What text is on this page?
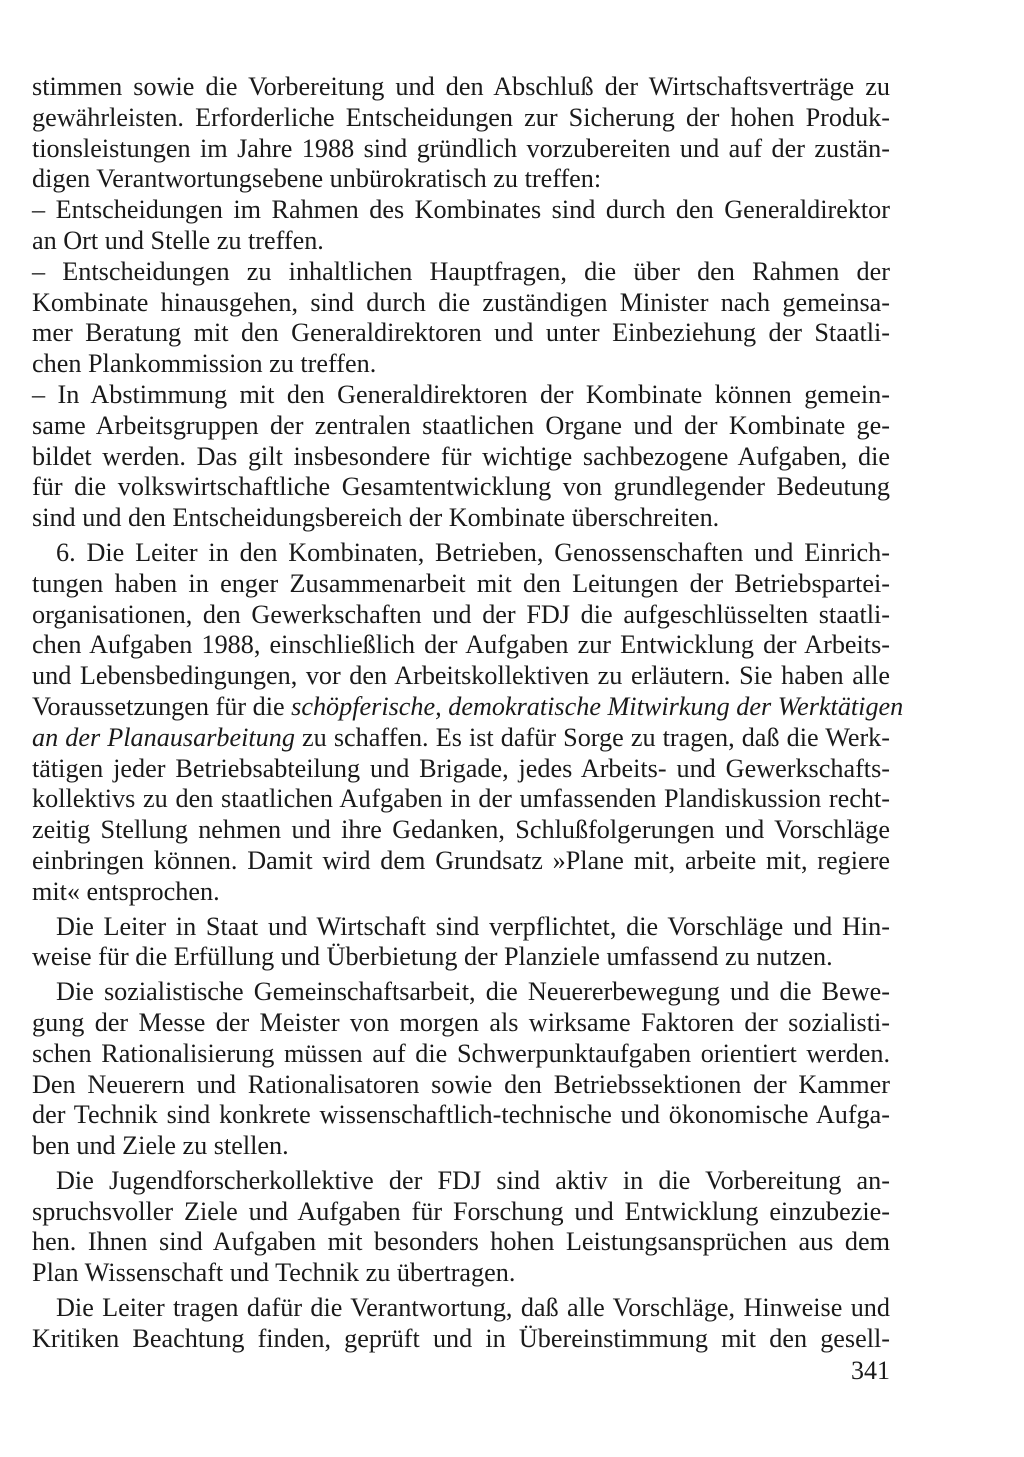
stimmen sowie die Vorbereitung und den Abschluß der Wirtschaftsverträge zu
gewährleisten. Erforderliche Entscheidungen zur Sicherung der hohen Produk-
tionsleistungen im Jahre 1988 sind gründlich vorzubereiten und auf der zustän-
digen Verantwortungsebene unbürokratisch zu treffen:
– Entscheidungen im Rahmen des Kombinates sind durch den Generaldirektor
an Ort und Stelle zu treffen.
– Entscheidungen zu inhaltlichen Hauptfragen, die über den Rahmen der
Kombinate hinausgehen, sind durch die zuständigen Minister nach gemeinsa-
mer Beratung mit den Generaldirektoren und unter Einbeziehung der Staatli-
chen Plankommission zu treffen.
– In Abstimmung mit den Generaldirektoren der Kombinate können gemein-
same Arbeitsgruppen der zentralen staatlichen Organe und der Kombinate ge-
bildet werden. Das gilt insbesondere für wichtige sachbezogene Aufgaben, die
für die volkswirtschaftliche Gesamtentwicklung von grundlegender Bedeutung
sind und den Entscheidungsbereich der Kombinate überschreiten.
6. Die Leiter in den Kombinaten, Betrieben, Genossenschaften und Einrich-
tungen haben in enger Zusammenarbeit mit den Leitungen der Betriebspartei-
organisationen, den Gewerkschaften und der FDJ die aufgeschlüsselten staatli-
chen Aufgaben 1988, einschließlich der Aufgaben zur Entwicklung der Arbeits-
und Lebensbedingungen, vor den Arbeitskollektiven zu erläutern. Sie haben alle
Voraussetzungen für die schöpferische, demokratische Mitwirkung der Werktätigen
an der Planausarbeitung zu schaffen. Es ist dafür Sorge zu tragen, daß die Werk-
tätigen jeder Betriebsabteilung und Brigade, jedes Arbeits- und Gewerkschafts-
kollektivs zu den staatlichen Aufgaben in der umfassenden Plandiskussion recht-
zeitig Stellung nehmen und ihre Gedanken, Schlußfolgerungen und Vorschläge
einbringen können. Damit wird dem Grundsatz »Plane mit, arbeite mit, regiere
mit« entsprochen.
Die Leiter in Staat und Wirtschaft sind verpflichtet, die Vorschläge und Hin-
weise für die Erfüllung und Überbietung der Planziele umfassend zu nutzen.
Die sozialistische Gemeinschaftsarbeit, die Neuererbewegung und die Bewe-
gung der Messe der Meister von morgen als wirksame Faktoren der sozialisti-
schen Rationalisierung müssen auf die Schwerpunktaufgaben orientiert werden.
Den Neuerern und Rationalisatoren sowie den Betriebssektionen der Kammer
der Technik sind konkrete wissenschaftlich-technische und ökonomische Aufga-
ben und Ziele zu stellen.
Die Jugendforscherkollektive der FDJ sind aktiv in die Vorbereitung an-
spruchsvoller Ziele und Aufgaben für Forschung und Entwicklung einzubezie-
hen. Ihnen sind Aufgaben mit besonders hohen Leistungsansprüchen aus dem
Plan Wissenschaft und Technik zu übertragen.
Die Leiter tragen dafür die Verantwortung, daß alle Vorschläge, Hinweise und
Kritiken Beachtung finden, geprüft und in Übereinstimmung mit den gesell-
341
